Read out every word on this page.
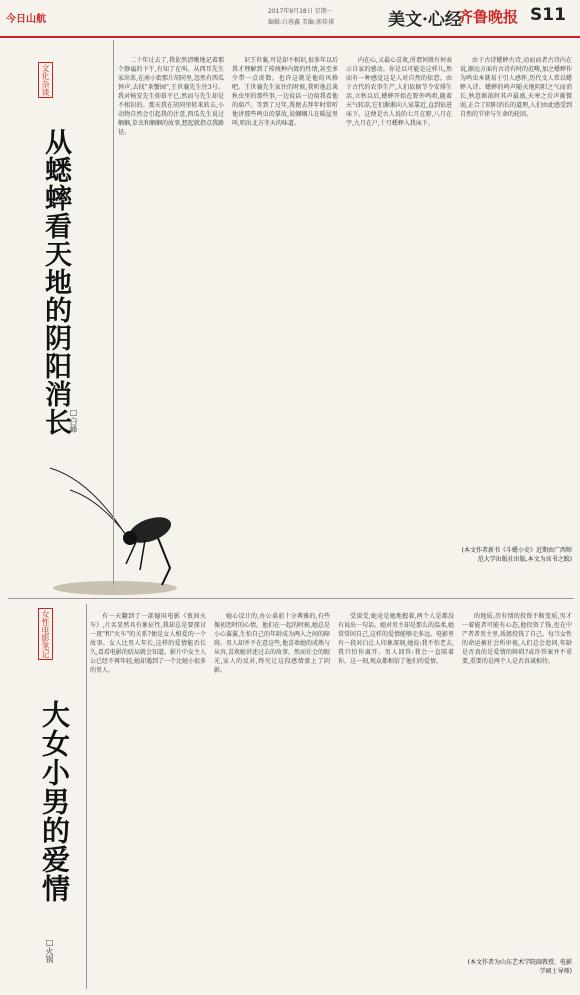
今日山航
2017年9月18日 星期一
编辑:白蓉鑫 美编:郭传祺	美文·心经
齐鲁晚报 S11
文化杂谈
从蟋蟀看天地的阴阳消长
□白峰
二十年过去了,我依然清晰地记着那个静谧的下午,有知了在叫。从西耳先生家出来,在南小街那片胡同里,忽然有西瓜钟声,去找"茶蟹园",王世襄先生住3号。我对畅安先生仰慕不已,然而与先生却是不相识的。那天我在胡同里转来转去,小动物自然会引起我的注意,西瓜先生说过蝈蝈,草虫和蝈蝈的故事,想起就指点我路径。
识王世襄,可是却不相识,很多年以后我才理解到了传统种内敛的性情,甚至多少带一点虚数。也许这就是他的风格吧。王世襄先生家住的时候,我听他总谈秋虫里的那些事,一边说话一边给我看他的葫芦。等到了过年,我便去拜年时常听他讲那些鸣虫的掌故,说蝈蝈儿在暖屋里叫,唱出北方冬天的味道。
内在心,又最心喜欢,所谓何般有何表示自家的感动。你是以可能是这样儿,然而有一种感觉这是人对自然的依恋。由于古代的农事生产,人们依据节令安排生活,立秋以后,蟋蟀开始在野外鸣唱,随着天气转凉,它们渐渐向人家靠近,直到钻进床下。这便是古人说的七月在野,八月在宇,九月在户,十月蟋蟀入我床下。
由于古诗蟋蟀古诗,动而而者古诗内在说,源远方面有古诗有时的范畴,加之蟋蟀作为鸣虫本就易于引人感怀,历代文人常以蟋蟀入诗。蟋蟀的鸣声随天地阴阳之气而消长,秋意渐浓时其声最盛,天寒之后声渐微弱,正合了阴阳消长的道理,人们由此感受到自然的节律与生命的轮回。
(本文作者新书《斗蟋小史》近期由广西师范大学出版社出版,本文为该书之跋)
女性电影笔记
大女小男的爱情
□火锅
有一天翻到了一部德国电影《夜间火车》,片名显然具有象征性,我却总是要探讨一夜"和"火车"的关系?便是女人相爱的一个故事。女人比男人年长,这样的爱情能否长久,看看电影的结局就会知道。影片中女主人公已经不再年轻,她却遇到了一个比她小很多的男人。
她心设计的,办公桌前十分典雅的,有些像初恋时的心情。他们在一起的时候,她总是小心翼翼,生怕自己的年龄成为两人之间的障碍。男人却并不在意这些,他喜欢她的成熟与从容,喜欢她讲述过去的故事。然而社会的眼光,家人的反对,终究让这段感情蒙上了阴影。
受深受,她竟是她地握着,两个人是都没有说出一句话。她对男主却是那么的温柔,她常常问自己,这样的爱情能够走多远。电影里有一段对白让人印象深刻,她说:我不怕老去,我只怕你离开。男人回答:我会一直陪着你。这一刻,观众都相信了他们的爱情。
的地质,历有情的投资不断变质,男才一着能者可能有心态,他投资了钱,也在中产者者男主里,质姐投钱了自己。每当女性的命运被社会所审视,人们总会追问,年龄是否真的是爱情的障碍?或许答案并不重要,重要的是两个人是否真诚相待。
(本文作者为山东艺术学院副教授、电影学硕士导师)
